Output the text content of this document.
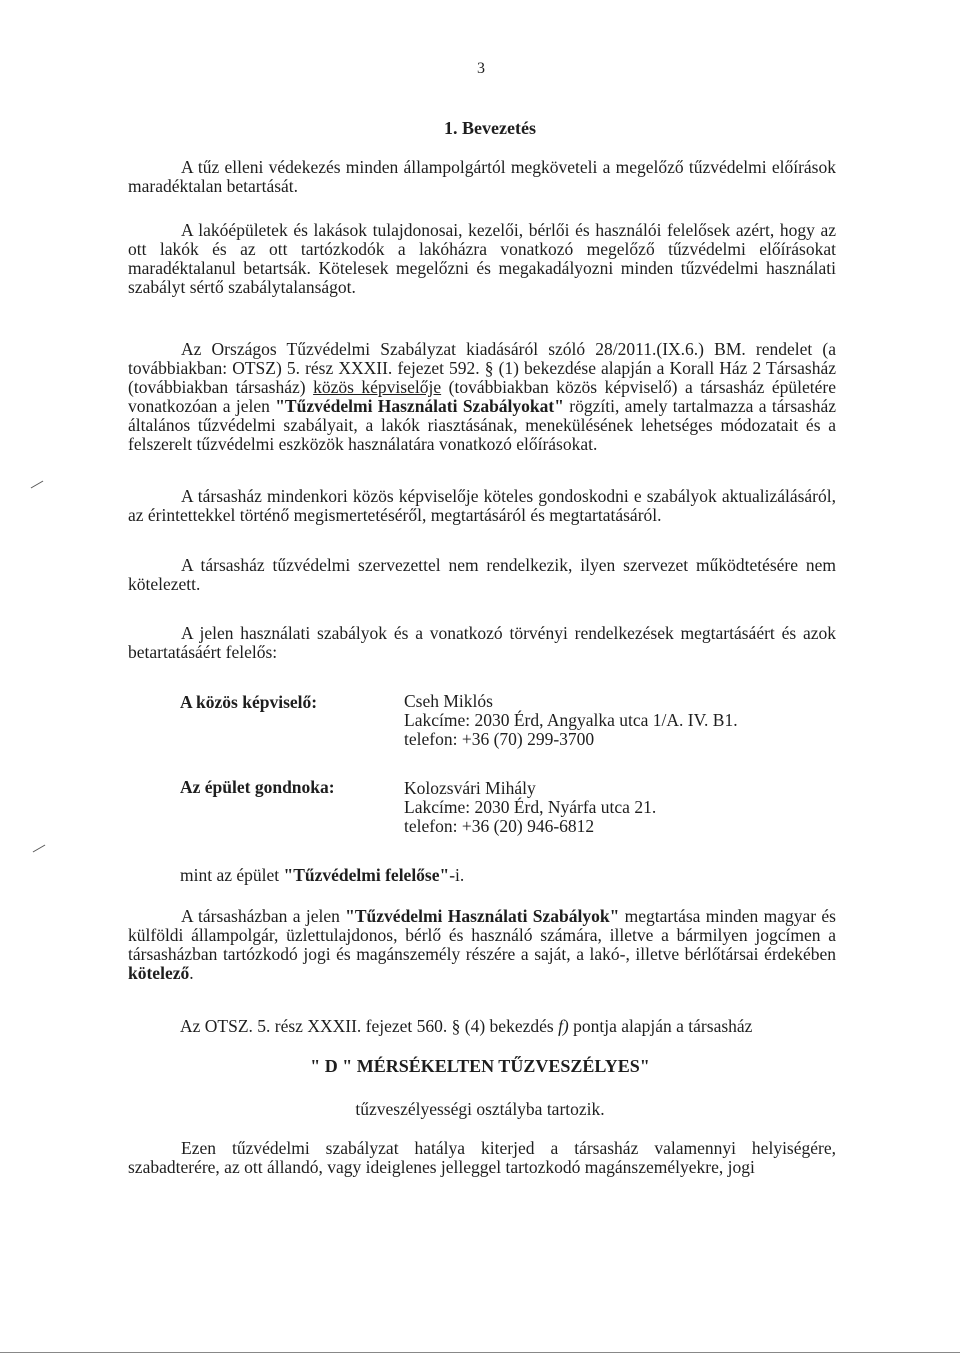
3
1. Bevezetés

A tűz elleni védekezés minden állampolgártól megköveteli a megelőző tűzvédelmi előírások maradéktalan betartását.

A lakóépületek és lakások tulajdonosai, kezelői, bérlői és használói felelősek azért, hogy az ott lakók és az ott tartózkodók a lakóházra vonatkozó megelőző tűzvédelmi előírásokat maradéktalanul betartsák. Kötelesek megelőzni és megakadályozni minden tűzvédelmi használati szabályt sértő szabálytalanságot.

Az Országos Tűzvédelmi Szabályzat kiadásáról szóló 28/2011.(IX.6.) BM. rendelet (a továbbiakban: OTSZ) 5. rész XXXII. fejezet 592. § (1) bekezdése alapján a Korall Ház 2 Társasház (továbbiakban társasház) közös képviselője (továbbiakban közös képviselő) a társasház épületére vonatkozóan a jelen "Tűzvédelmi Használati Szabályokat" rögzíti, amely tartalmazza a társasház általános tűzvédelmi szabályait, a lakók riasztásának, menekülésének lehetséges módozatait és a felszerelt tűzvédelmi eszközök használatára vonatkozó előírásokat.

A társasház mindenkori közös képviselője köteles gondoskodni e szabályok aktualizálásáról, az érintettekkel történő megismertetéséről, megtartásáról és megtartatásáról.

A társasház tűzvédelmi szervezettel nem rendelkezik, ilyen szervezet működtetésére nem kötelezett.

A jelen használati szabályok és a vonatkozó törvényi rendelkezések megtartásáért és azok betartatásáért felelős:

A közös képviselő:	Cseh Miklós
Lakcíme: 2030 Érd, Angyalka utca 1/A. IV. B1.
telefon: +36 (70) 299-3700
Az épület gondnoka:	Kolozsvári Mihály
Lakcíme: 2030 Érd, Nyárfa utca 21.
telefon: +36 (20) 946-6812
mint az épület "Tűzvédelmi felelőse"-i.

A társasházban a jelen "Tűzvédelmi Használati Szabályok" megtartása minden magyar és külföldi állampolgár, üzlettulajdonos, bérlő és használó számára, illetve a bármilyen jogcímen a társasházban tartózkodó jogi és magánszemély részére a saját, a lakó-, illetve bérlőtársai érdekében kötelező.

Az OTSZ. 5. rész XXXII. fejezet 560. § (4) bekezdés f) pontja alapján a társasház
" D " MÉRSÉKELTEN TŰZVESZÉLYES"
tűzveszélyességi osztályba tartozik.

Ezen tűzvédelmi szabályzat hatálya kiterjed a társasház valamennyi helyiségére, szabadterére, az ott állandó, vagy ideiglenes jelleggel tartozkodó magánszemélyekre, jogi
